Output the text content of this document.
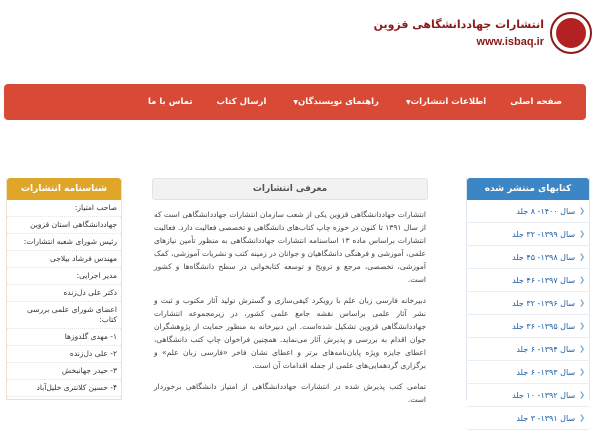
انتشارات جهاددانشگاهی قزوین
www.isbaq.ir
صفحه اصلی
اطلاعات انتشارات
▼
راهنمای نویسندگان
▼
ارسال کتاب
تماس با ما
کتابهای منتشر شده
❮
سال ۱۴۰۰- ۸ جلد
❮
سال ۱۳۹۹- ۳۲ جلد
❮
سال ۱۳۹۸- ۴۵ جلد
❮
سال ۱۳۹۷- ۴۶ جلد
❮
سال ۱۳۹۶- ۳۲ جلد
❮
سال ۱۳۹۵- ۳۶ جلد
❮
سال ۱۳۹۴- ۶ جلد
❮
سال ۱۳۹۳- ۶ جلد
❮
سال ۱۳۹۲- ۱۰ جلد
❮
سال ۱۳۹۱- ۳ جلد
معرفی انتشارات

انتشارات جهاددانشگاهی قزوین یکی از شعب سازمان انتشارات جهاددانشگاهی است که از سال ۱۳۹۱ تا کنون در حوزه چاپ کتاب‌های دانشگاهی و تخصصی فعالیت دارد. فعالیت انتشارات براساس ماده ۱۳ اساسنامه انتشارات جهاددانشگاهی به منظور تأمین نیازهای علمی، آموزشی و فرهنگی دانشگاهیان و جوانان در زمینه کتب و نشریات آموزشی، کمک آموزشی، تخصصی، مرجع و ترویج و توسعه کتابخوانی در سطح دانشگاه‌ها و کشور است.

دبیرخانه فارسی زبان علم با رویکرد کیفی‌سازی و گسترش تولید آثار مکتوب و ثبت و نشر آثار علمی براساس نقشه جامع علمی کشور، در زیرمجموعه انتشارات جهاددانشگاهی قزوین تشکیل شده‌است. این دبیرخانه به منظور حمایت از پژوهشگران جوان اقدام به بررسی و پذیرش آثار می‌نماید. همچنین فراخوان چاپ کتب دانشگاهی، اعطای جایزه ویژه پایان‌نامه‌های برتر و اعطای نشان فاخر «فارسی زبان علم» و برگزاری گردهمایی‌های علمی از جمله اقدامات آن است.

تمامی کتب پذیرش شده در انتشارات جهاددانشگاهی از امتیاز دانشگاهی برخوردار است.

شناسنامه انتشارات
صاحب امتیاز:
جهاددانشگاهی استان قزوین
رئیس شورای شعبه انتشارات:
مهندس فرشاد بیلاجی
مدیر اجرایی:
دکتر علی دل‌زنده
اعضای شورای علمی بررسی کتاب:
۱- مهدی گلدوزها
۲- علی دل‌زنده
۳- حیدر جهانبخش
۴- حسین کلانتری خلیل‌آباد
